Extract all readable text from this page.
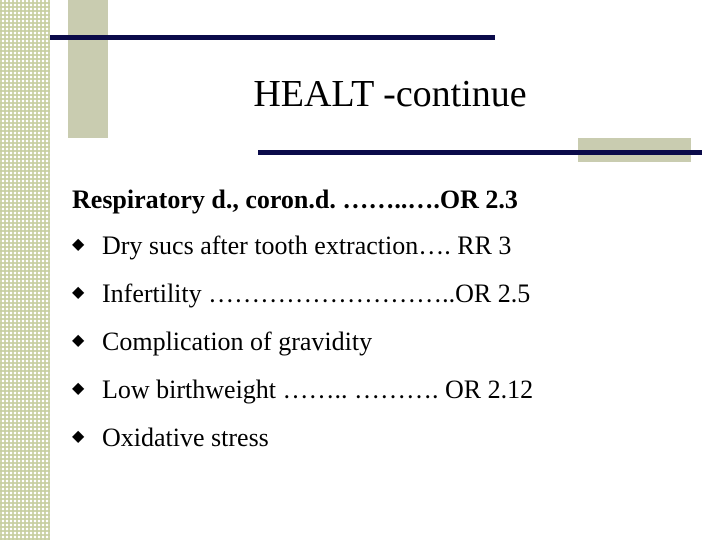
HEALT -continue

Respiratory d., coron.d. ……..….OR 2.3

◆ Dry sucs after tooth extraction…. RR 3
◆ Infertility ………………………..OR 2.5
◆ Complication of gravidity
◆ Low birthweight …….. ………. OR 2.12
◆ Oxidative stress
